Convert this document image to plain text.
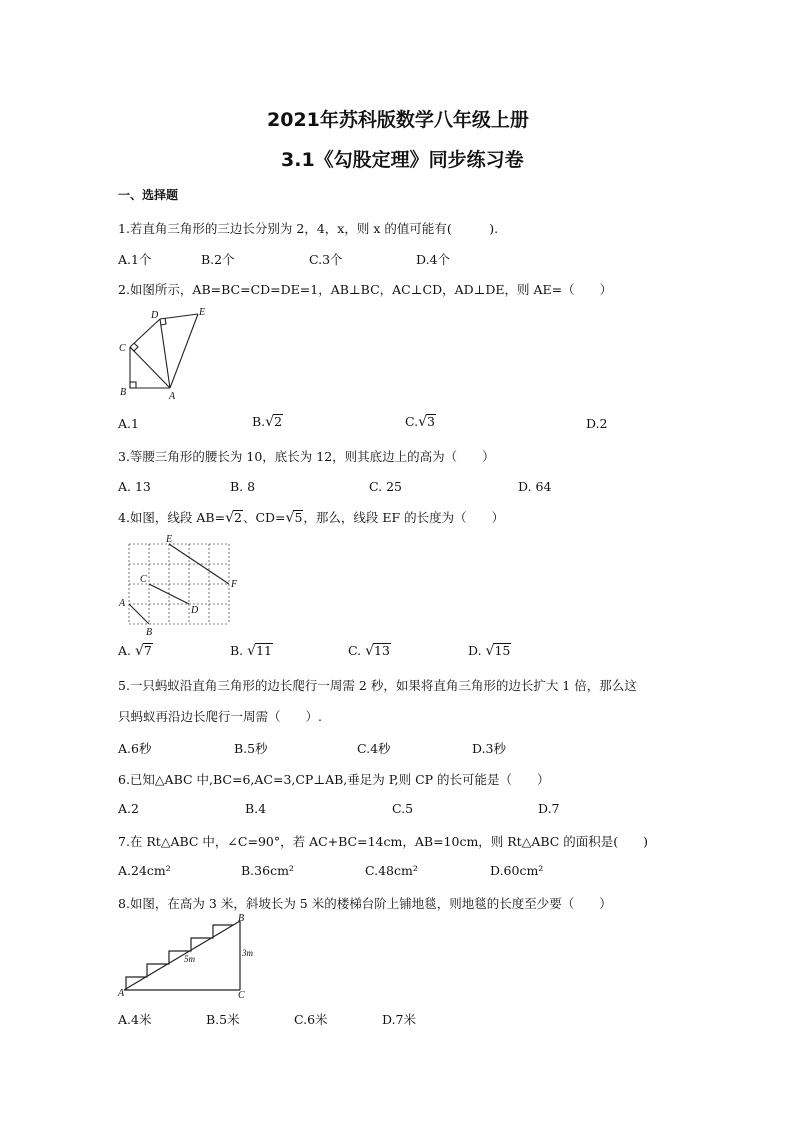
2021年苏科版数学八年级上册
3.1《勾股定理》同步练习卷
一、选择题
1.若直角三角形的三边长分别为 2，4，x，则 x 的值可能有(　　　).
A.1个	B.2个	C.3个	D.4个
2.如图所示，AB=BC=CD=DE=1，AB⊥BC，AC⊥CD，AD⊥DE，则 AE=（　　）
A
B
C
D	E
A.1	B.√2	C.√3	D.2
3.等腰三角形的腰长为 10，底长为 12，则其底边上的高为（　　）
A. 13	B. 8	C. 25	D. 64
4.如图，线段 AB=√2、CD=√5，那么，线段 EF 的长度为（　　）
A
B
C
D
E
F
A. √7	B. √11	C. √13	D. √15
5.一只蚂蚁沿直角三角形的边长爬行一周需 2 秒，如果将直角三角形的边长扩大 1 倍，那么这
只蚂蚁再沿边长爬行一周需（　　）.
A.6秒	B.5秒	C.4秒	D.3秒
6.已知△ABC 中,BC=6,AC=3,CP⊥AB,垂足为 P,则 CP 的长可能是（　　）
A.2	B.4	C.5	D.7
7.在 Rt△ABC 中，∠C=90°，若 AC+BC=14cm，AB=10cm，则 Rt△ABC 的面积是(　　)
A.24cm²	B.36cm²	C.48cm²	D.60cm²
8.如图，在高为 3 米，斜坡长为 5 米的楼梯台阶上铺地毯，则地毯的长度至少要（　　）
A
B
C
5m
3m
A.4米	B.5米	C.6米	D.7米
